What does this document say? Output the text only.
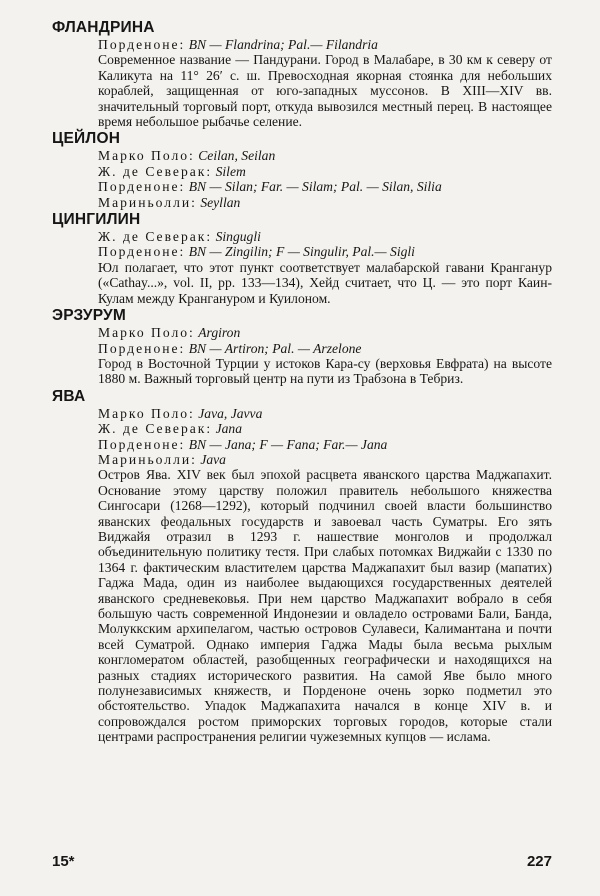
ФЛАНДРИНА
Порденоне: BN — Flandrina; Pal.— Filandria

Современное название — Пандурани. Город в Малабаре, в 30 км к северу от Каликута на 11° 26′ с. ш. Превосходная якорная стоянка для небольших кораблей, защищенная от юго-западных муссонов. В XIII—XIV вв. значительный торговый порт, откуда вывозился местный перец. В настоящее время небольшое рыбачье селение.

ЦЕЙЛОН
Марко Поло: Ceilan, Seilan
Ж. де Северак: Silem
Порденоне: BN — Silan; Far. — Silam; Pal. — Silan, Silia
Мариньолли: Seyllan
ЦИНГИЛИН
Ж. де Северак: Singugli
Порденоне: BN — Zingilin; F — Singulir, Pal.— Sigli

Юл полагает, что этот пункт соответствует малабарской гавани Кранганур («Cathay...», vol. II, pp. 133—134), Хейд считает, что Ц. — это порт Каин-Кулам между Крангануром и Куилоном.

ЭРЗУРУМ
Марко Поло: Argiron
Порденоне: BN — Artiron; Pal. — Arzelone

Город в Восточной Турции у истоков Кара-су (верховья Евфрата) на высоте 1880 м. Важный торговый центр на пути из Трабзона в Тебриз.

ЯВА
Марко Поло: Java, Javva
Ж. де Северак: Jana
Порденоне: BN — Jana; F — Fana; Far.— Jana
Мариньолли: Java

Остров Ява. XIV век был эпохой расцвета яванского царства Маджапахит. Основание этому царству положил правитель небольшого княжества Сингосари (1268—1292), который подчинил своей власти большинство яванских феодальных государств и завоевал часть Суматры. Его зять Виджайя отразил в 1293 г. нашествие монголов и продолжал объединительную политику тестя. При слабых потомках Виджайи с 1330 по 1364 г. фактическим властителем царства Маджапахит был вазир (мапатих) Гаджа Мада, один из наиболее выдающихся государственных деятелей яванского средневековья. При нем царство Маджапахит вобрало в себя большую часть современной Индонезии и овладело островами Бали, Банда, Молуккским архипелагом, частью островов Сулавеси, Калимантана и почти всей Суматрой. Однако империя Гаджа Мады была весьма рыхлым конгломератом областей, разобщенных географически и находящихся на разных стадиях исторического развития. На самой Яве было много полунезависимых княжеств, и Порденоне очень зорко подметил это обстоятельство. Упадок Маджапахита начался в конце XIV в. и сопровождался ростом приморских торговых городов, которые стали центрами распространения религии чужеземных купцов — ислама.

15*	227
